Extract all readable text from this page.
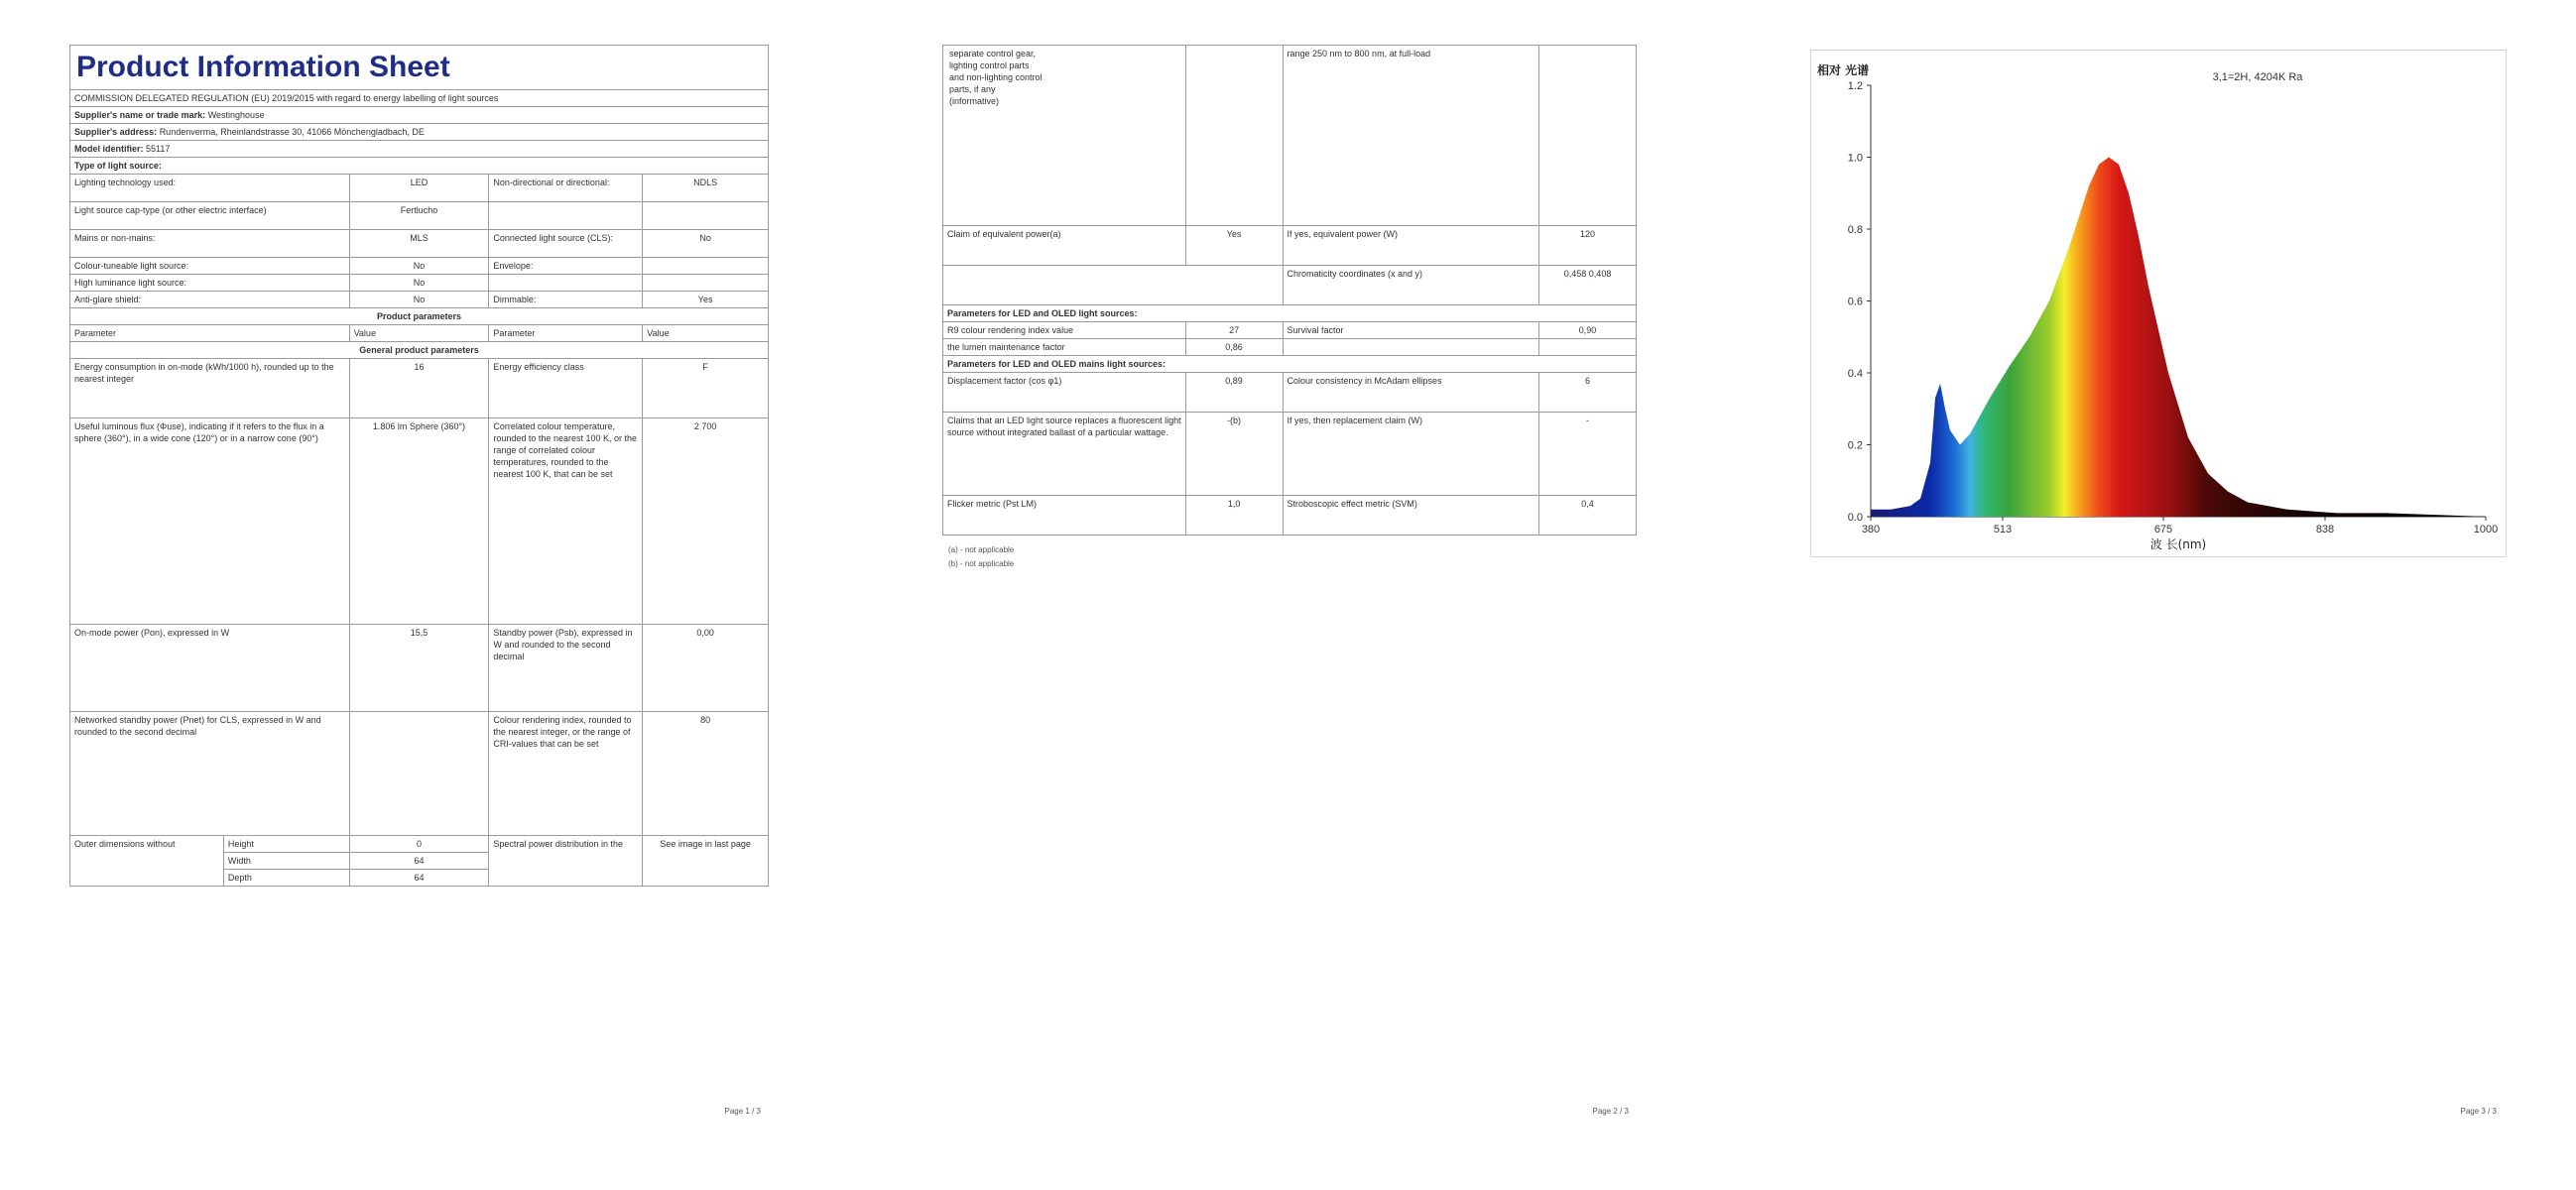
Product Information Sheet				
COMMISSION DELEGATED REGULATION (EU) 2019/2015 with regard to energy labelling of light sources				
Supplier's name or trade mark: Westinghouse				
Supplier's address: Rundenverma, Rheinlandstrasse 30, 41066 Mönchengladbach, DE				
Model identifier: 55117				
Type of light source:				
Lighting technology used:		LED	Non-directional or directional:	NDLS
Light source cap-type (or other electric interface)		Fertlucho		
Mains or non-mains:		MLS	Connected light source (CLS):	No
Colour-tuneable light source:		No	Envelope:	
High luminance light source:		No		
Anti-glare shield:		No	Dimmable:	Yes
Product parameters				
Parameter		Value	Parameter	Value
General product parameters				
Energy consumption in on-mode (kWh/1000 h), rounded up to the nearest integer		16	Energy efficiency class	F
Useful luminous flux (Φuse), indicating if it refers to the flux in a sphere (360°), in a wide cone (120°) or in a narrow cone (90°)		1.806 lm Sphere (360°)	Correlated colour temperature, rounded to the nearest 100 K, or the range of correlated colour temperatures, rounded to the nearest 100 K, that can be set	2 700
On-mode power (Pon), expressed in W		15,5	Standby power (Psb), expressed in W and rounded to the second decimal	0,00
Networked standby power (Pnet) for CLS, expressed in W and rounded to the second decimal			Colour rendering index, rounded to the nearest integer, or the range of CRI-values that can be set	80
Outer dimensions without	Height	0	Spectral power distribution in the	See image in last page
	Width	64		
	Depth	64		
Page 1 / 3
separate control gear, lighting control parts and non-lighting control parts, if any (informative)		range 250 nm to 800 nm, at full-load	
Claim of equivalent power(a)	Yes	If yes, equivalent power (W)	120
		Chromaticity coordinates (x and y)	0,458 0,408
Parameters for LED and OLED light sources:			
R9 colour rendering index value	27	Survival factor	0,90
the lumen maintenance factor	0,86		
Parameters for LED and OLED mains light sources:			
Displacement factor (cos φ1)	0,89	Colour consistency in McAdam ellipses	6
Claims that an LED light source replaces a fluorescent light source without integrated ballast of a particular wattage.	-(b)	If yes, then replacement claim (W)	-
Flicker metric (Pst LM)	1,0	Stroboscopic effect metric (SVM)	0,4
(a) - not applicable
(b) - not applicable
Page 2 / 3
0.0
0.2
0.4
0.6
0.8
1.0
1.2
380	513	675	838	1000
相对 光谱
波 长(nm)
3,1=2H, 4204K Ra
Page 3 / 3
